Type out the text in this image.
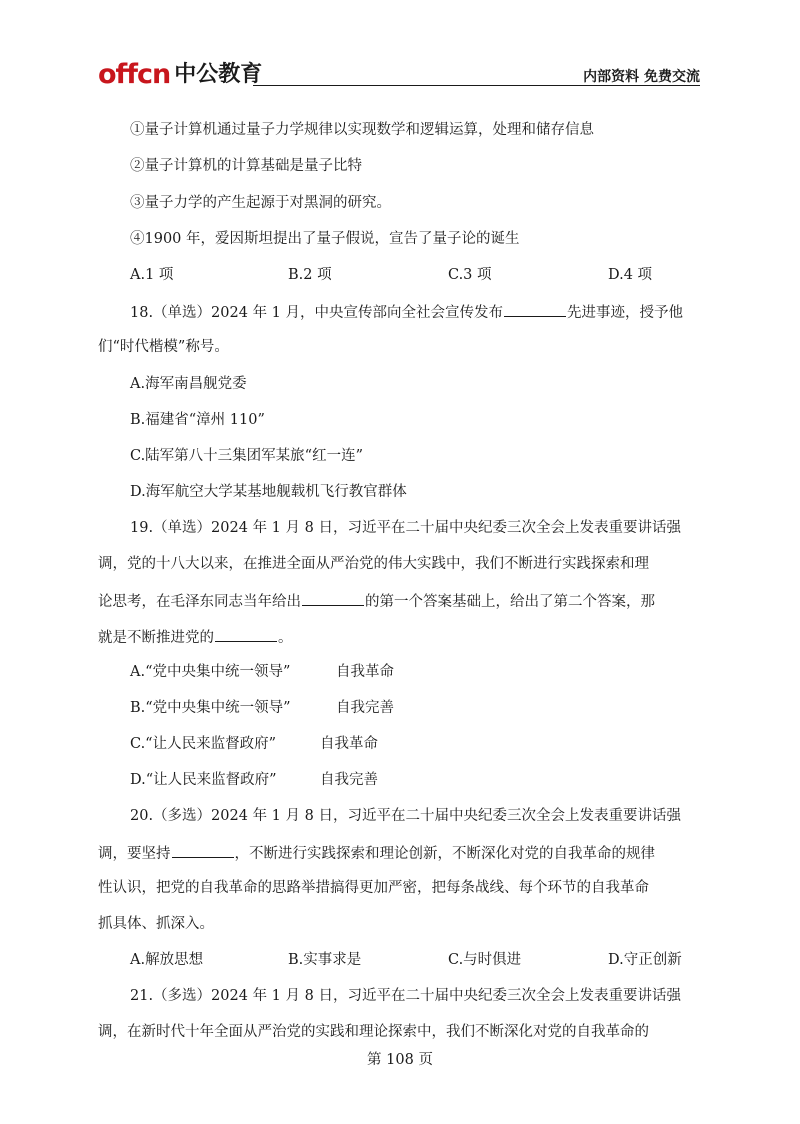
offcn 中公教育	内部资料 免费交流
①量子计算机通过量子力学规律以实现数学和逻辑运算，处理和储存信息
②量子计算机的计算基础是量子比特
③量子力学的产生起源于对黑洞的研究。
④1900 年，爱因斯坦提出了量子假说，宣告了量子论的诞生
A.1 项	B.2 项	C.3 项	D.4 项
18.（单选）2024 年 1 月，中央宣传部向全社会宣传发布	先进事迹，授予他
们“时代楷模”称号。
A.海军南昌舰党委
B.福建省“漳州 110”
C.陆军第八十三集团军某旅“红一连”
D.海军航空大学某基地舰载机飞行教官群体
19.（单选）2024 年 1 月 8 日，习近平在二十届中央纪委三次全会上发表重要讲话强
调，党的十八大以来，在推进全面从严治党的伟大实践中，我们不断进行实践探索和理
论思考，在毛泽东同志当年给出	的第一个答案基础上，给出了第二个答案，那
就是不断推进党的	。
A.“党中央集中统一领导”	自我革命
B.“党中央集中统一领导”	自我完善
C.“让人民来监督政府”	自我革命
D.“让人民来监督政府”	自我完善
20.（多选）2024 年 1 月 8 日，习近平在二十届中央纪委三次全会上发表重要讲话强
调，要坚持	，不断进行实践探索和理论创新，不断深化对党的自我革命的规律
性认识，把党的自我革命的思路举措搞得更加严密，把每条战线、每个环节的自我革命
抓具体、抓深入。
A.解放思想	B.实事求是	C.与时俱进	D.守正创新
21.（多选）2024 年 1 月 8 日，习近平在二十届中央纪委三次全会上发表重要讲话强
调，在新时代十年全面从严治党的实践和理论探索中，我们不断深化对党的自我革命的
第 108 页
